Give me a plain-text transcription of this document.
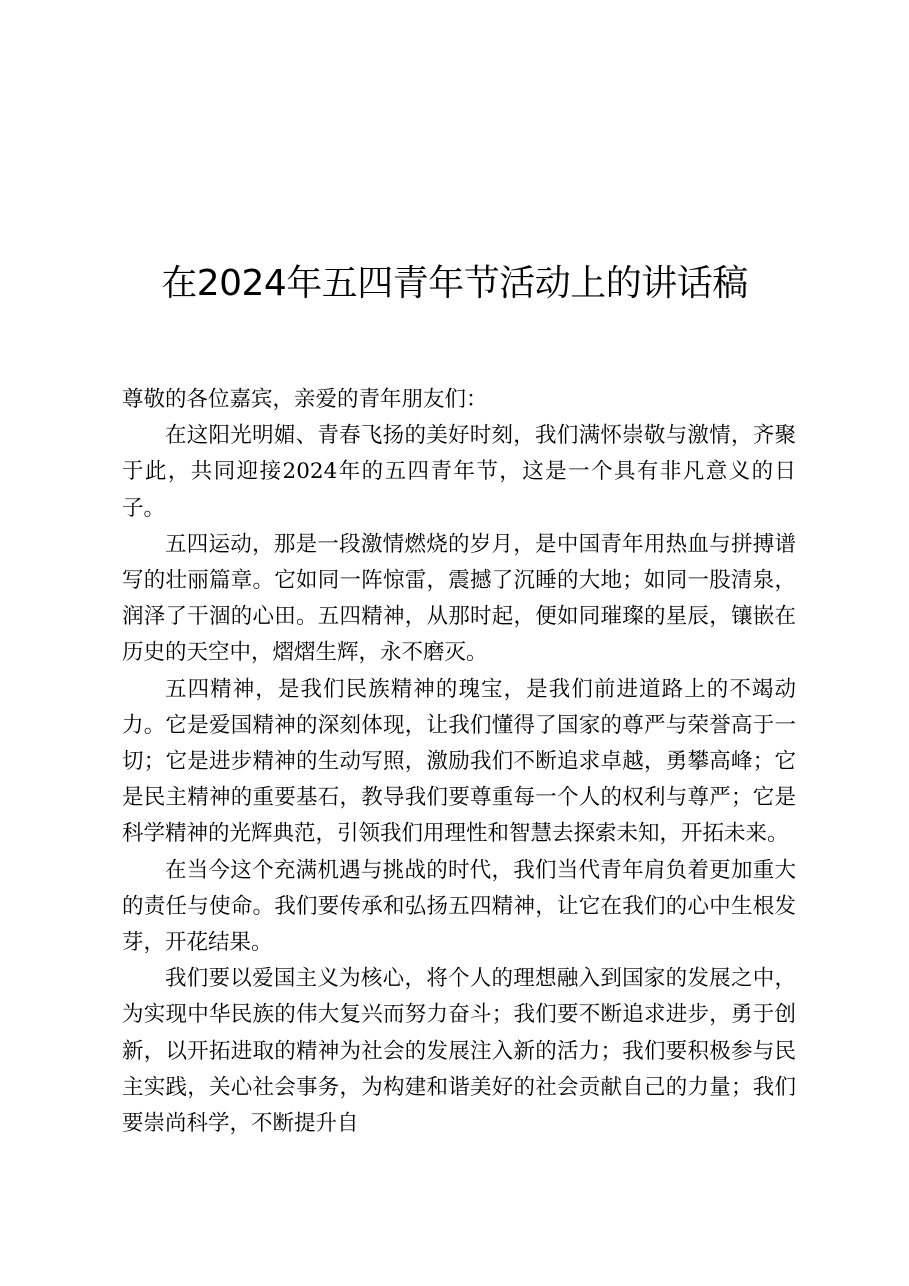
在2024年五四青年节活动上的讲话稿

尊敬的各位嘉宾，亲爱的青年朋友们：

在这阳光明媚、青春飞扬的美好时刻，我们满怀崇敬与激情，齐聚于此，共同迎接2024年的五四青年节，这是一个具有非凡意义的日子。

五四运动，那是一段激情燃烧的岁月，是中国青年用热血与拼搏谱写的壮丽篇章。它如同一阵惊雷，震撼了沉睡的大地；如同一股清泉，润泽了干涸的心田。五四精神，从那时起，便如同璀璨的星辰，镶嵌在历史的天空中，熠熠生辉，永不磨灭。

五四精神，是我们民族精神的瑰宝，是我们前进道路上的不竭动力。它是爱国精神的深刻体现，让我们懂得了国家的尊严与荣誉高于一切；它是进步精神的生动写照，激励我们不断追求卓越，勇攀高峰；它是民主精神的重要基石，教导我们要尊重每一个人的权利与尊严；它是科学精神的光辉典范，引领我们用理性和智慧去探索未知，开拓未来。

在当今这个充满机遇与挑战的时代，我们当代青年肩负着更加重大的责任与使命。我们要传承和弘扬五四精神，让它在我们的心中生根发芽，开花结果。

我们要以爱国主义为核心，将个人的理想融入到国家的发展之中，为实现中华民族的伟大复兴而努力奋斗；我们要不断追求进步，勇于创新，以开拓进取的精神为社会的发展注入新的活力；我们要积极参与民主实践，关心社会事务，为构建和谐美好的社会贡献自己的力量；我们要崇尚科学，不断提升自
